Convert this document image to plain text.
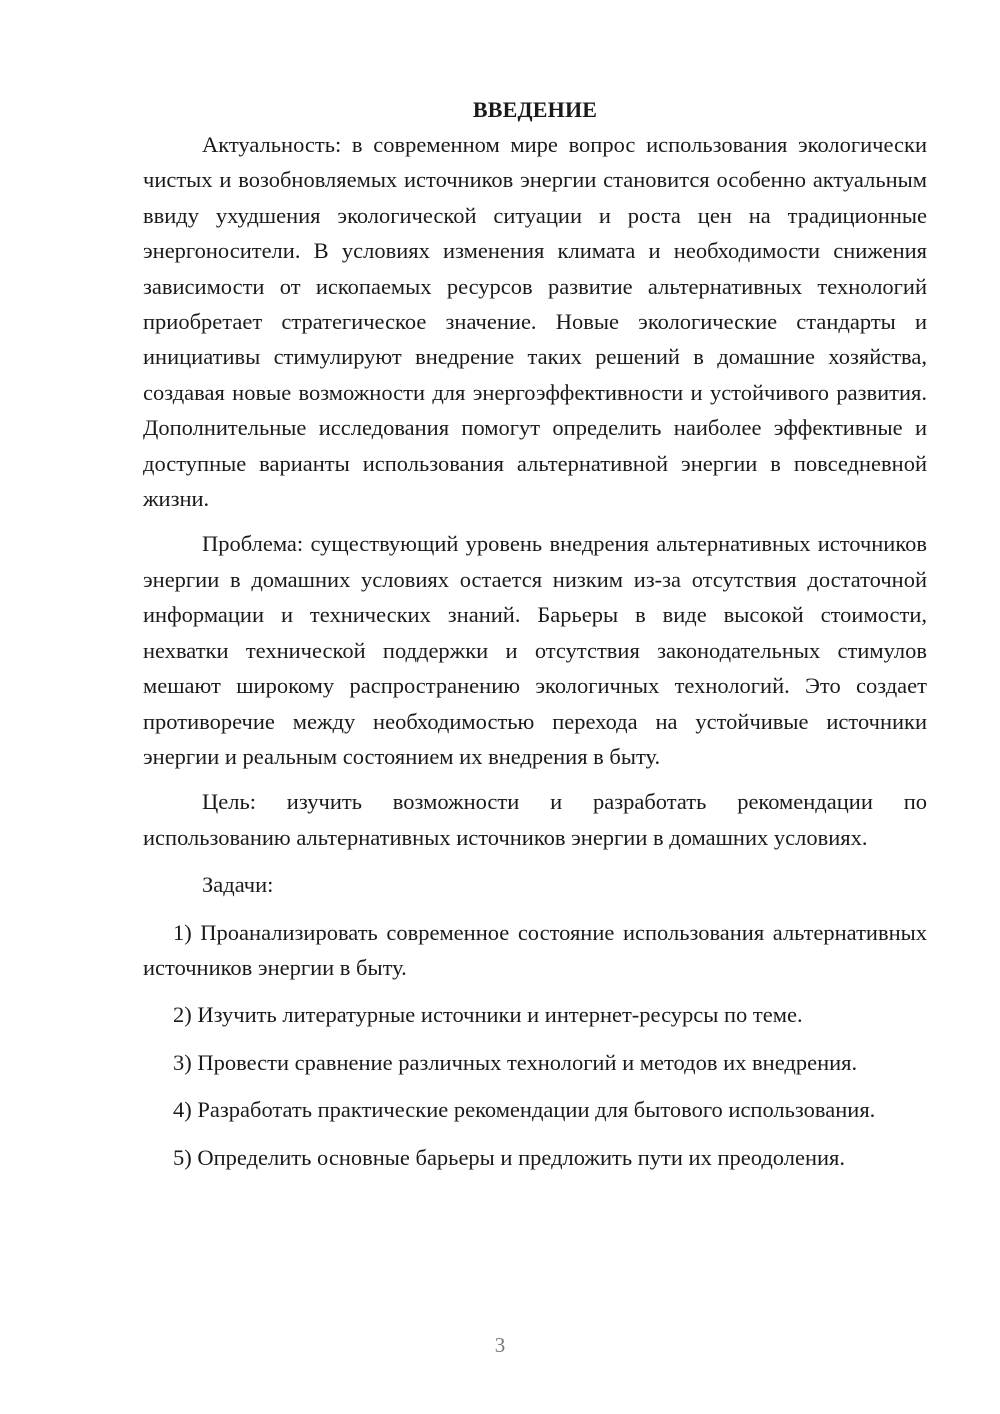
ВВЕДЕНИЕ

Актуальность: в современном мире вопрос использования экологически чистых и возобновляемых источников энергии становится особенно актуальным ввиду ухудшения экологической ситуации и роста цен на традиционные энергоносители. В условиях изменения климата и необходимости снижения зависимости от ископаемых ресурсов развитие альтернативных технологий приобретает стратегическое значение. Новые экологические стандарты и инициативы стимулируют внедрение таких решений в домашние хозяйства, создавая новые возможности для энергоэффективности и устойчивого развития. Дополнительные исследования помогут определить наиболее эффективные и доступные варианты использования альтернативной энергии в повседневной жизни.

Проблема: существующий уровень внедрения альтернативных источников энергии в домашних условиях остается низким из-за отсутствия достаточной информации и технических знаний. Барьеры в виде высокой стоимости, нехватки технической поддержки и отсутствия законодательных стимулов мешают широкому распространению экологичных технологий. Это создает противоречие между необходимостью перехода на устойчивые источники энергии и реальным состоянием их внедрения в быту.

Цель: изучить возможности и разработать рекомендации по использованию альтернативных источников энергии в домашних условиях.

Задачи:

1) Проанализировать современное состояние использования альтернативных источников энергии в быту.

2) Изучить литературные источники и интернет-ресурсы по теме.

3) Провести сравнение различных технологий и методов их внедрения.

4) Разработать практические рекомендации для бытового использования.

5) Определить основные барьеры и предложить пути их преодоления.

3
